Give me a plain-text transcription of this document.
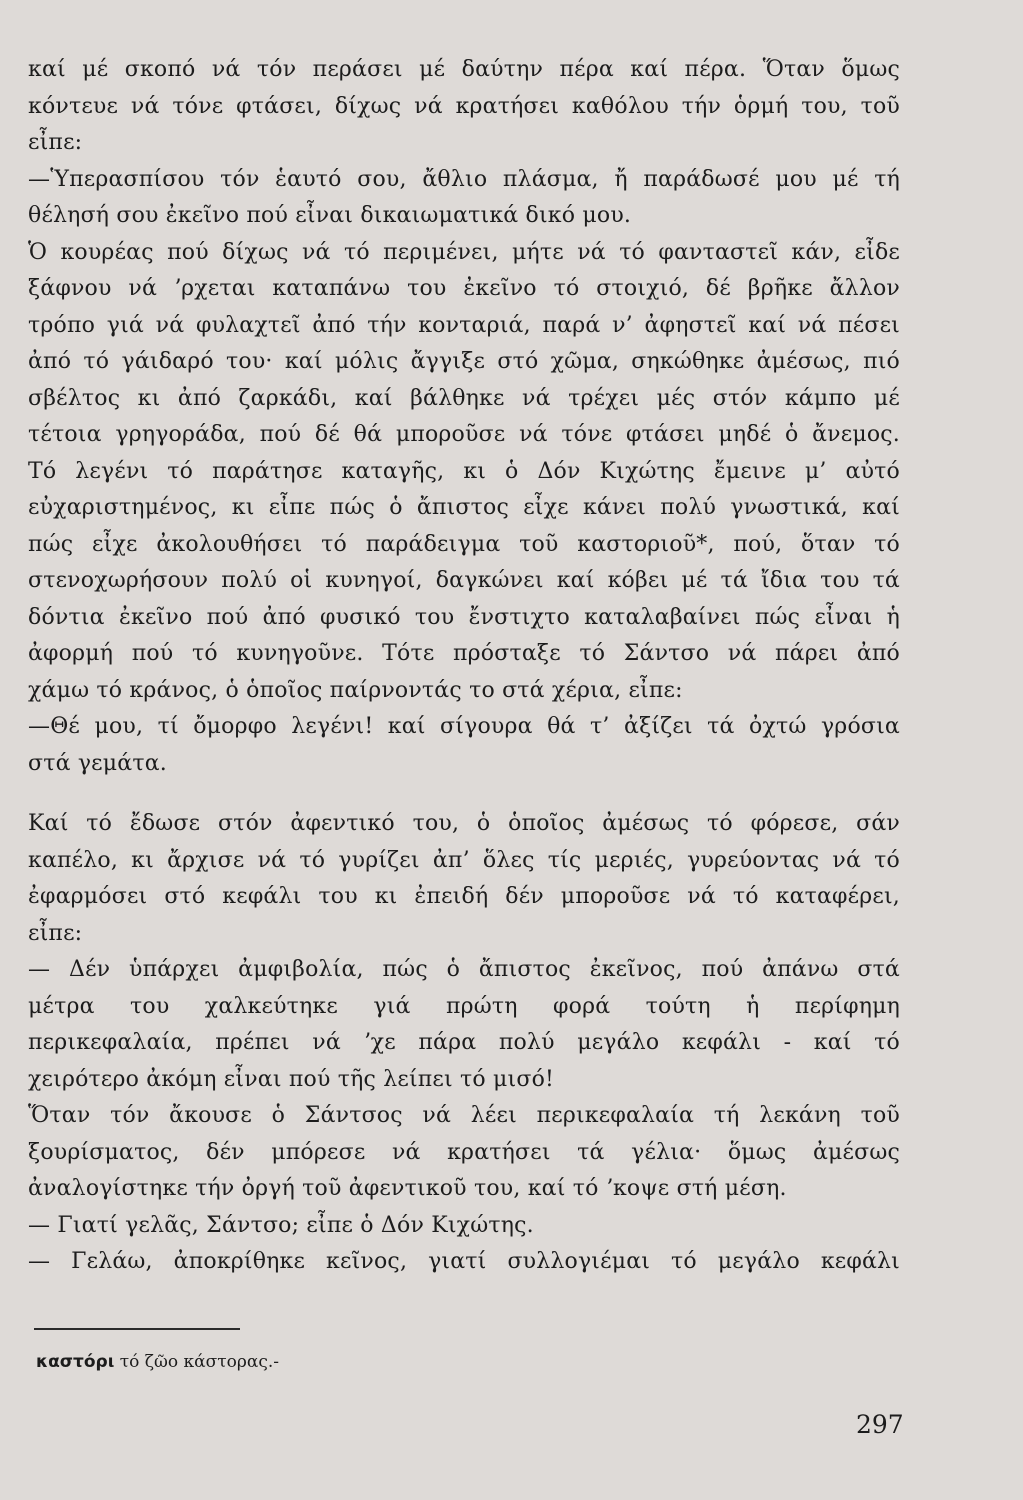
καί μέ σκοπό νά τόν περάσει μέ δαύτην πέρα καί πέρα. Ὅταν ὅμως
κόντευε νά τόνε φτάσει, δίχως νά κρατήσει καθόλου τήν ὁρμή του, τοῦ
εἶπε:
—Ὑπερασπίσου τόν ἑαυτό σου, ἄθλιο πλάσμα, ἤ παράδωσέ μου μέ τή
θέλησή σου ἐκεῖνο πού εἶναι δικαιωματικά δικό μου.
Ὁ κουρέας πού δίχως νά τό περιμένει, μήτε νά τό φανταστεῖ κάν, εἶδε
ξάφνου νά ʼρχεται καταπάνω του ἐκεῖνο τό στοιχιό, δέ βρῆκε ἄλλον
τρόπο γιά νά φυλαχτεῖ ἀπό τήν κονταριά, παρά ν’ ἀφηστεῖ καί νά πέσει
ἀπό τό γάιδαρό του· καί μόλις ἄγγιξε στό χῶμα, σηκώθηκε ἀμέσως, πιό
σβέλτος κι ἀπό ζαρκάδι, καί βάλθηκε νά τρέχει μές στόν κάμπο μέ
τέτοια γρηγοράδα, πού δέ θά μποροῦσε νά τόνε φτάσει μηδέ ὁ ἄνεμος.
Τό λεγένι τό παράτησε καταγῆς, κι ὁ Δόν Κιχώτης ἔμεινε μ’ αὐτό
εὐχαριστημένος, κι εἶπε πώς ὁ ἄπιστος εἶχε κάνει πολύ γνωστικά, καί
πώς εἶχε ἀκολουθήσει τό παράδειγμα τοῦ καστοριοῦ*, πού, ὅταν τό
στενοχωρήσουν πολύ οἱ κυνηγοί, δαγκώνει καί κόβει μέ τά ἴδια του τά
δόντια ἐκεῖνο πού ἀπό φυσικό του ἔνστιχτο καταλαβαίνει πώς εἶναι ἡ
ἀφορμή πού τό κυνηγοῦνε. Τότε πρόσταξε τό Σάντσο νά πάρει ἀπό
χάμω τό κράνος, ὁ ὁποῖος παίρνοντάς το στά χέρια, εἶπε:
—Θέ μου, τί ὄμορφο λεγένι! καί σίγουρα θά τ’ ἀξίζει τά ὀχτώ γρόσια
στά γεμάτα.
Καί τό ἔδωσε στόν ἀφεντικό του, ὁ ὁποῖος ἀμέσως τό φόρεσε, σάν
καπέλο, κι ἄρχισε νά τό γυρίζει ἀπ’ ὅλες τίς μεριές, γυρεύοντας νά τό
ἐφαρμόσει στό κεφάλι του κι ἐπειδή δέν μποροῦσε νά τό καταφέρει,
εἶπε:
— Δέν ὑπάρχει ἀμφιβολία, πώς ὁ ἄπιστος ἐκεῖνος, πού ἀπάνω στά
μέτρα του χαλκεύτηκε γιά πρώτη φορά τούτη ἡ περίφημη
περικεφαλαία, πρέπει νά ʼχε πάρα πολύ μεγάλο κεφάλι - καί τό
χειρότερο ἀκόμη εἶναι πού τῆς λείπει τό μισό!
Ὅταν τόν ἄκουσε ὁ Σάντσος νά λέει περικεφαλαία τή λεκάνη τοῦ
ξουρίσματος, δέν μπόρεσε νά κρατήσει τά γέλια· ὅμως ἀμέσως
ἀναλογίστηκε τήν ὀργή τοῦ ἀφεντικοῦ του, καί τό ʼκοψε στή μέση.
— Γιατί γελᾶς, Σάντσο; εἶπε ὁ Δόν Κιχώτης.
— Γελάω, ἀποκρίθηκε κεῖνος, γιατί συλλογιέμαι τό μεγάλο κεφάλι
καστόρι τό ζῶο κάστορας.-
297
